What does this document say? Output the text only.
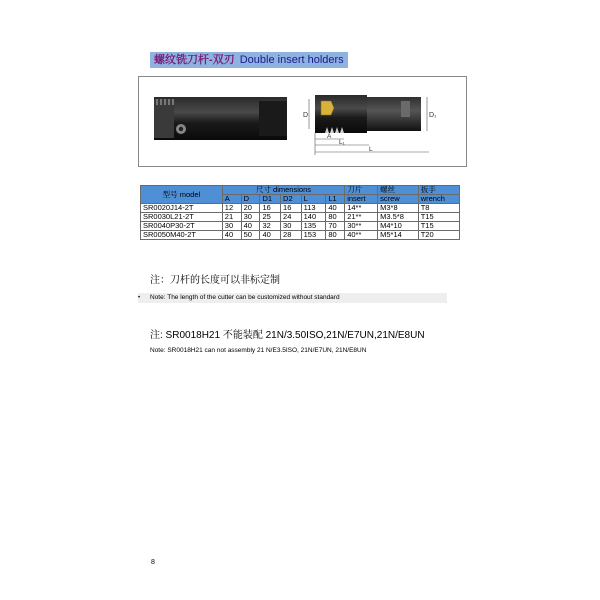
螺纹铣刀杆-双刃 Double insert holders
D	D₁
A
L₁
L
型号 model	尺寸 dimensions						刀片	螺丝	扳手
	A	D	D1	D2	L	L1	insert	screw	wrench
SR0020J14-2T	12	20	16	16	113	40	14**	M3*8	T8
SR0030L21-2T	21	30	25	24	140	80	21**	M3.5*8	T15
SR0040P30-2T	30	40	32	30	135	70	30**	M4*10	T15
SR0050M40-2T	40	50	40	28	153	80	40**	M5*14	T20
注：刀杆的长度可以非标定制
• Note: The length of the cutter can be customized without standard
注: SR0018H21 不能装配 21N/3.50ISO,21N/E7UN,21N/E8UN
Note: SR0018H21 can not assembly 21 N/E3.5ISO, 21N/E7UN, 21N/E8UN
8
